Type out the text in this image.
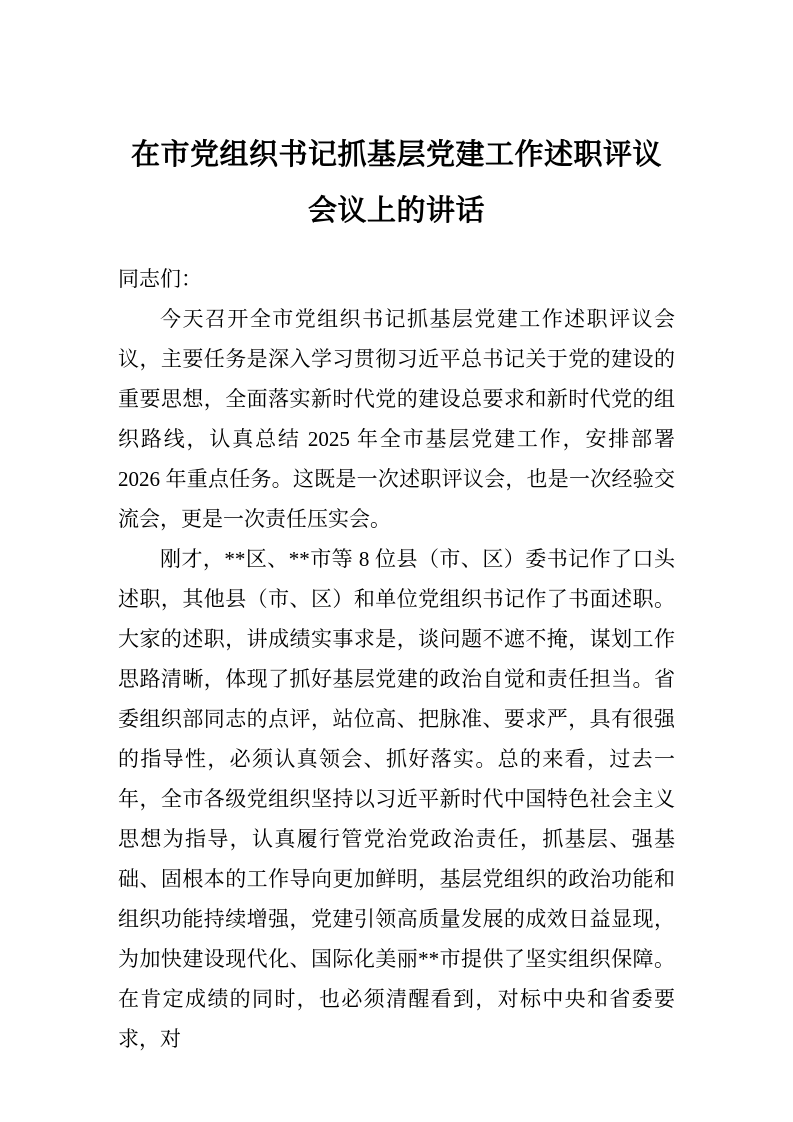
在市党组织书记抓基层党建工作述职评议
会议上的讲话

同志们：

今天召开全市党组织书记抓基层党建工作述职评议会议，主要任务是深入学习贯彻习近平总书记关于党的建设的重要思想，全面落实新时代党的建设总要求和新时代党的组织路线，认真总结 2025 年全市基层党建工作，安排部署 2026 年重点任务。这既是一次述职评议会，也是一次经验交流会，更是一次责任压实会。

刚才，**区、**市等 8 位县（市、区）委书记作了口头述职，其他县（市、区）和单位党组织书记作了书面述职。大家的述职，讲成绩实事求是，谈问题不遮不掩，谋划工作思路清晰，体现了抓好基层党建的政治自觉和责任担当。省委组织部同志的点评，站位高、把脉准、要求严，具有很强的指导性，必须认真领会、抓好落实。总的来看，过去一年，全市各级党组织坚持以习近平新时代中国特色社会主义思想为指导，认真履行管党治党政治责任，抓基层、强基础、固根本的工作导向更加鲜明，基层党组织的政治功能和组织功能持续增强，党建引领高质量发展的成效日益显现，为加快建设现代化、国际化美丽**市提供了坚实组织保障。在肯定成绩的同时，也必须清醒看到，对标中央和省委要求，对
